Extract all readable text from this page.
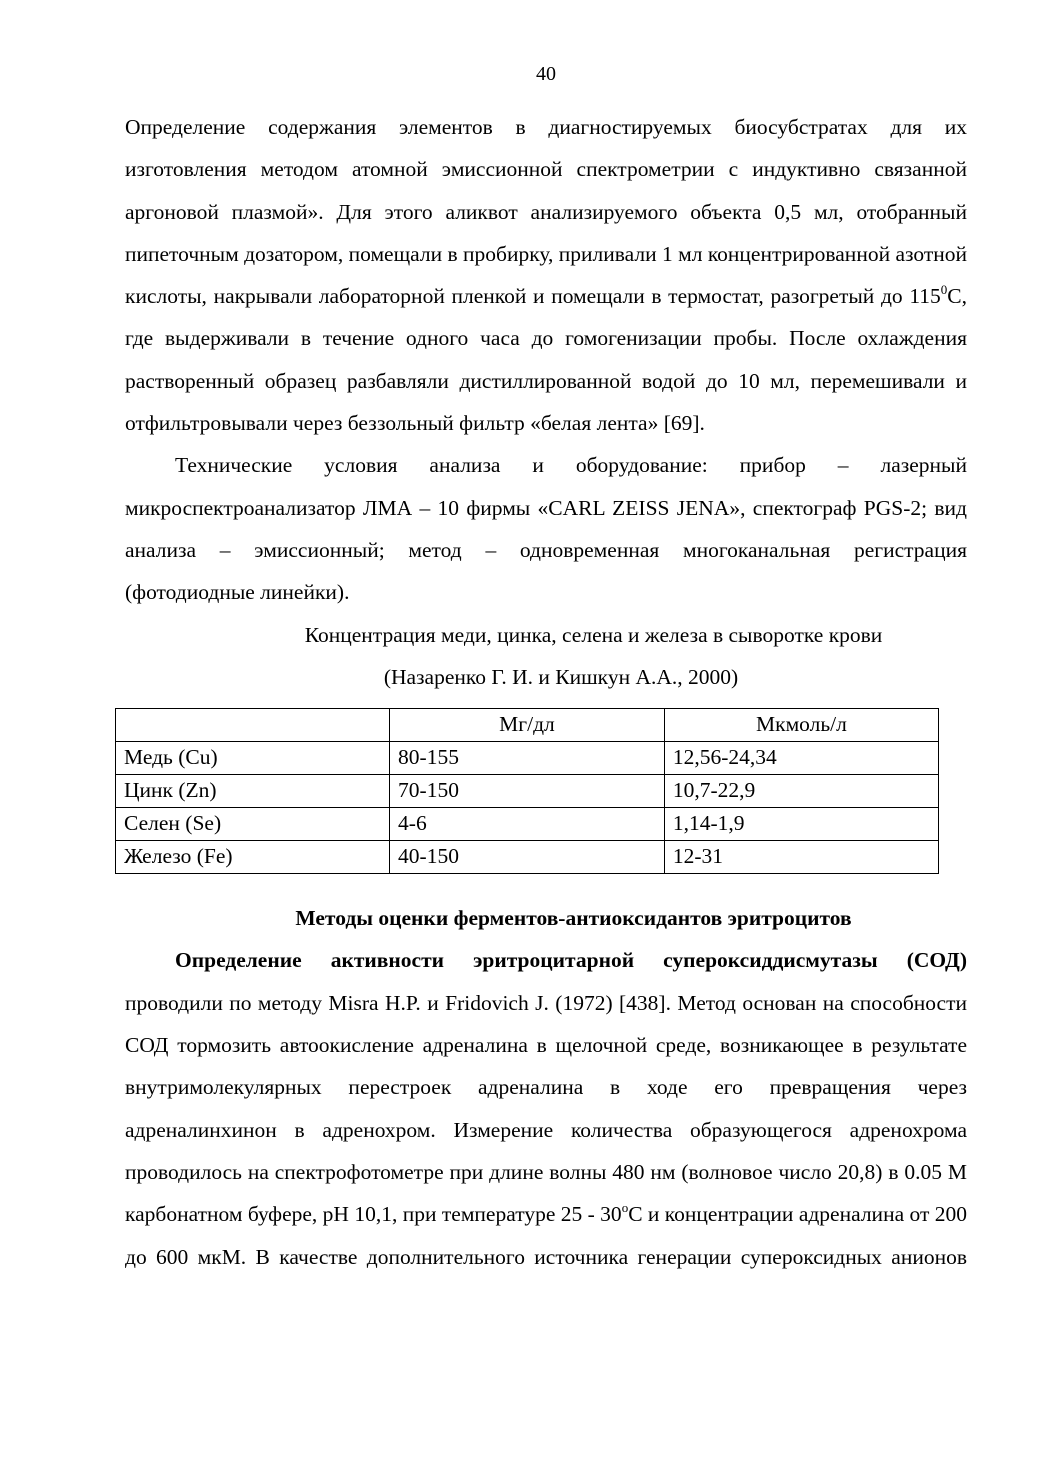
40

Определение содержания элементов в диагностируемых биосубстратах для их изготовления методом атомной эмиссионной спектрометрии с индуктивно связанной аргоновой плазмой». Для этого аликвот анализируемого объекта 0,5 мл, отобранный пипеточным дозатором, помещали в пробирку, приливали 1 мл концентрированной азотной кислоты, накрывали лабораторной пленкой и помещали в термостат, разогретый до $115^0С$, где выдерживали в течение одного часа до гомогенизации пробы. После охлаждения растворенный образец разбавляли дистиллированной водой до 10 мл, перемешивали и отфильтровывали через беззольный фильтр «белая лента» [69].

Технические условия анализа и оборудование: прибор – лазерный микроспектроанализатор ЛМА – 10 фирмы «CARL ZEISS JENA», спектограф PGS-2; вид анализа – эмиссионный; метод – одновременная многоканальная регистрация (фотодиодные линейки).

Концентрация меди, цинка, селена и железа в сыворотке крови

(Назаренко Г. И. и Кишкун А.А., 2000)

	Мг/дл	Мкмоль/л
Медь (Cu)	80-155	12,56-24,34
Цинк (Zn)	70-150	10,7-22,9
Селен (Se)	4-6	1,14-1,9
Железо (Fe)	40-150	12-31

Методы оценки ферментов-антиоксидантов эритроцитов

Определение активности эритроцитарной супероксиддисмутазы (СОД) проводили по методу Misra H.P. и Fridovich J. (1972) [438]. Метод основан на способности СОД тормозить автоокисление адреналина в щелочной среде, возникающее в результате внутримолекулярных перестроек адреналина в ходе его превращения через адреналинхинон в адренохром. Измерение количества образующегося адренохрома проводилось на спектрофотометре при длине волны 480 нм (волновое число 20,8) в 0.05 М карбонатном буфере, рН 10,1, при температуре $25 - 30^оС$ и концентрации адреналина от 200 до 600 мкМ. В качестве дополнительного источника генерации супероксидных анионов
